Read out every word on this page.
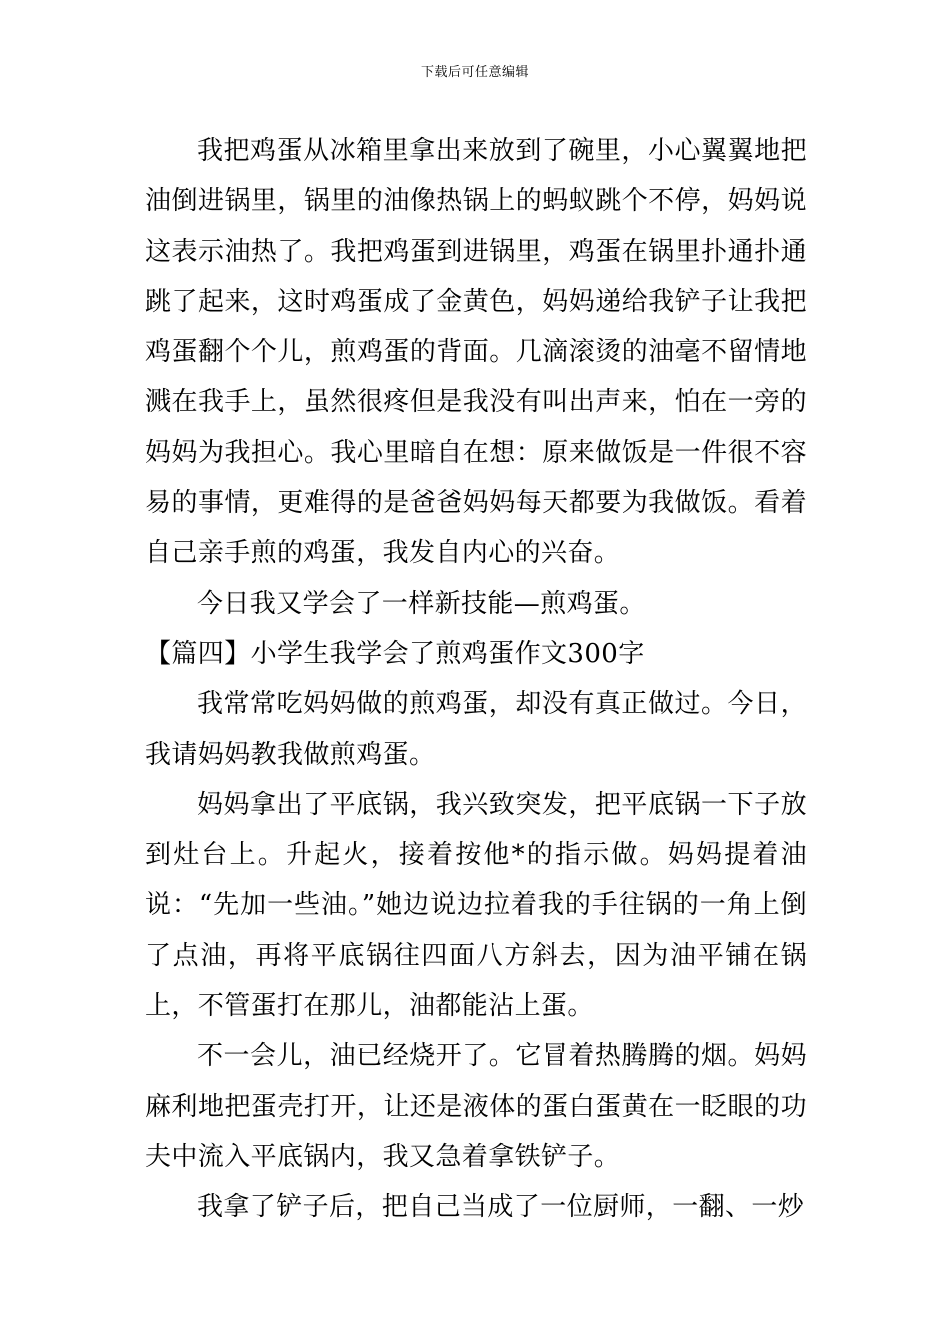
下载后可任意编辑

我把鸡蛋从冰箱里拿出来放到了碗里，小心翼翼地把油倒进锅里，锅里的油像热锅上的蚂蚁跳个不停，妈妈说这表示油热了。我把鸡蛋到进锅里，鸡蛋在锅里扑通扑通跳了起来，这时鸡蛋成了金黄色，妈妈递给我铲子让我把鸡蛋翻个个儿，煎鸡蛋的背面。几滴滚烫的油毫不留情地溅在我手上，虽然很疼但是我没有叫出声来，怕在一旁的妈妈为我担心。我心里暗自在想：原来做饭是一件很不容易的事情，更难得的是爸爸妈妈每天都要为我做饭。看着自己亲手煎的鸡蛋，我发自内心的兴奋。

今日我又学会了一样新技能—煎鸡蛋。

【篇四】小学生我学会了煎鸡蛋作文300字

我常常吃妈妈做的煎鸡蛋，却没有真正做过。今日，我请妈妈教我做煎鸡蛋。

妈妈拿出了平底锅，我兴致突发，把平底锅一下子放到灶台上。升起火，接着按他*的指示做。妈妈提着油说：“先加一些油。”她边说边拉着我的手往锅的一角上倒了点油，再将平底锅往四面八方斜去，因为油平铺在锅上，不管蛋打在那儿，油都能沾上蛋。

不一会儿，油已经烧开了。它冒着热腾腾的烟。妈妈麻利地把蛋壳打开，让还是液体的蛋白蛋黄在一眨眼的功夫中流入平底锅内，我又急着拿铁铲子。

我拿了铲子后，把自己当成了一位厨师，一翻、一炒
